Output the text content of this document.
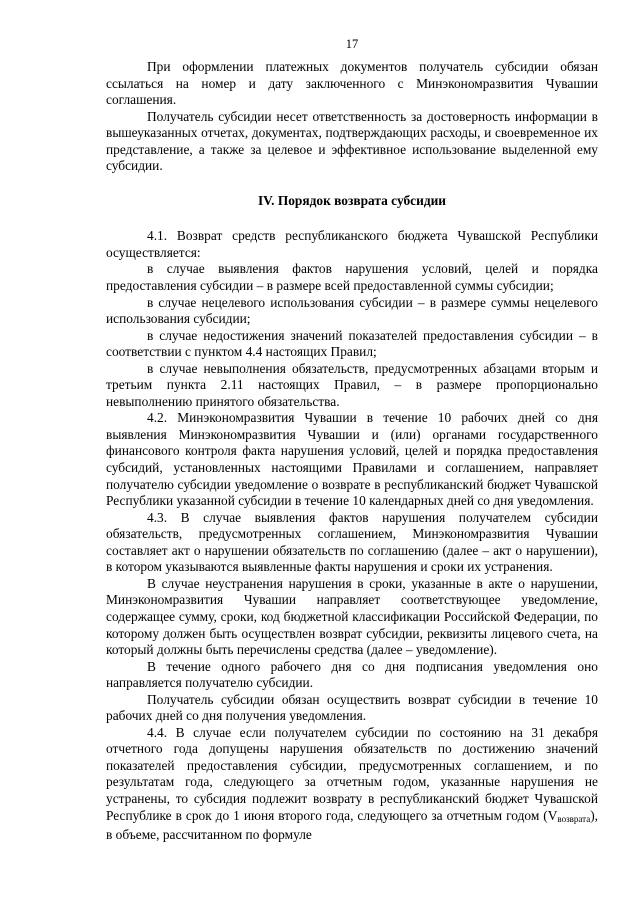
17

При оформлении платежных документов получатель субсидии обязан ссылаться на номер и дату заключенного с Минэкономразвития Чувашии соглашения.

Получатель субсидии несет ответственность за достоверность информации в вышеуказанных отчетах, документах, подтверждающих расходы, и своевременное их представление, а также за целевое и эффективное использование выделенной ему субсидии.

IV. Порядок возврата субсидии

4.1. Возврат средств республиканского бюджета Чувашской Республики осуществляется:

в случае выявления фактов нарушения условий, целей и порядка предоставления субсидии – в размере всей предоставленной суммы субсидии;

в случае нецелевого использования субсидии – в размере суммы нецелевого использования субсидии;

в случае недостижения значений показателей предоставления субсидии – в соответствии с пунктом 4.4 настоящих Правил;

в случае невыполнения обязательств, предусмотренных абзацами вторым и третьим пункта 2.11 настоящих Правил, – в размере пропорционально невыполнению принятого обязательства.

4.2. Минэкономразвития Чувашии в течение 10 рабочих дней со дня выявления Минэкономразвития Чувашии и (или) органами государственного финансового контроля факта нарушения условий, целей и порядка предоставления субсидий, установленных настоящими Правилами и соглашением, направляет получателю субсидии уведомление о возврате в республиканский бюджет Чувашской Республики указанной субсидии в течение 10 календарных дней со дня уведомления.

4.3. В случае выявления фактов нарушения получателем субсидии обязательств, предусмотренных соглашением, Минэкономразвития Чувашии составляет акт о нарушении обязательств по соглашению (далее – акт о нарушении), в котором указываются выявленные факты нарушения и сроки их устранения.

В случае неустранения нарушения в сроки, указанные в акте о нарушении, Минэкономразвития Чувашии направляет соответствующее уведомление, содержащее сумму, сроки, код бюджетной классификации Российской Федерации, по которому должен быть осуществлен возврат субсидии, реквизиты лицевого счета, на который должны быть перечислены средства (далее – уведомление).

В течение одного рабочего дня со дня подписания уведомления оно направляется получателю субсидии.

Получатель субсидии обязан осуществить возврат субсидии в течение 10 рабочих дней со дня получения уведомления.

4.4. В случае если получателем субсидии по состоянию на 31 декабря отчетного года допущены нарушения обязательств по достижению значений показателей предоставления субсидии, предусмотренных соглашением, и по результатам года, следующего за отчетным годом, указанные нарушения не устранены, то субсидия подлежит возврату в республиканский бюджет Чувашской Республике в срок до 1 июня второго года, следующего за отчетным годом $(V_{возврата})$, в объеме, рассчитанном по формуле
